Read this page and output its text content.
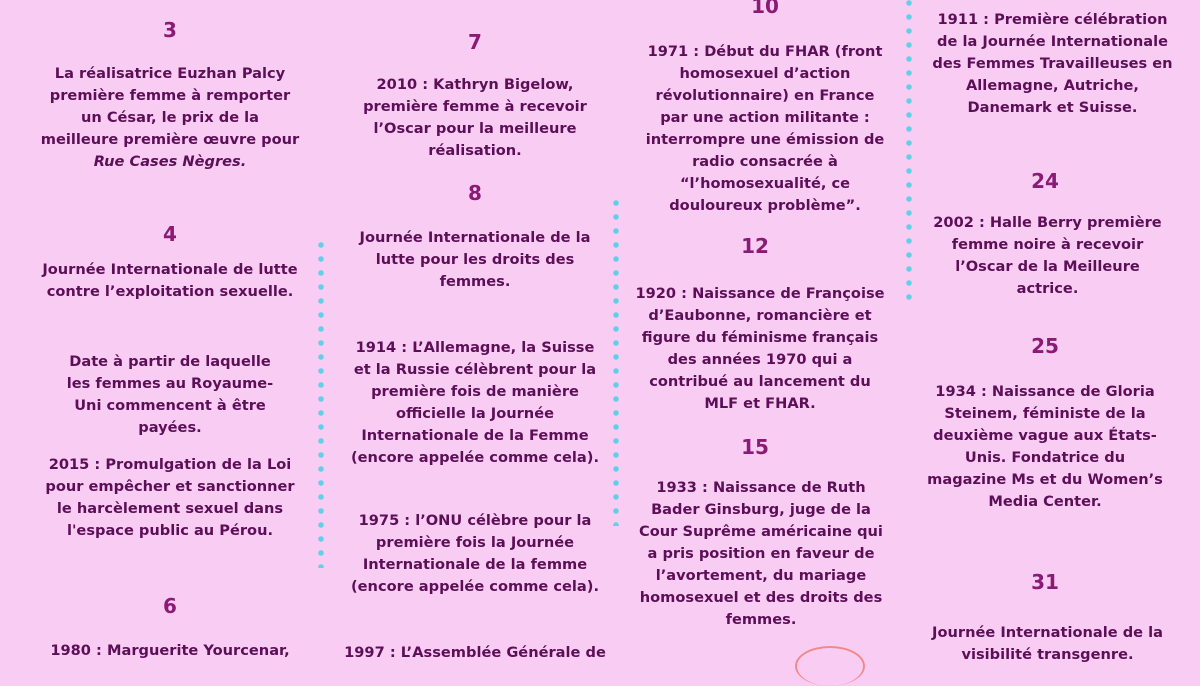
3

La réalisatrice Euzhan Palcy première femme à remporter un César, le prix de la meilleure première œuvre pour Rue Cases Nègres.

4

Journée Internationale de lutte contre l’exploitation sexuelle.

Date à partir de laquelle les femmes au Royaume-Uni commencent à être payées.

2015 : Promulgation de la Loi pour empêcher et sanctionner le harcèlement sexuel dans l'espace public au Pérou.

6

1980 : Marguerite Yourcenar,

7

2010 : Kathryn Bigelow, première femme à recevoir l’Oscar pour la meilleure réalisation.

8

Journée Internationale de la lutte pour les droits des femmes.

1914 : L’Allemagne, la Suisse et la Russie célèbrent pour la première fois de manière officielle la Journée Internationale de la Femme (encore appelée comme cela).

1975 : l’ONU célèbre pour la première fois la Journée Internationale de la femme (encore appelée comme cela).

1997 : L’Assemblée Générale de

10

1971 : Début du FHAR (front homosexuel d’action révolutionnaire) en France par une action militante : interrompre une émission de radio consacrée à “l’homosexualité, ce douloureux problème”.

12

1920 : Naissance de Françoise d’Eaubonne, romancière et figure du féminisme français des années 1970 qui a contribué au lancement du MLF et FHAR.

15

1933 : Naissance de Ruth Bader Ginsburg, juge de la Cour Suprême américaine qui a pris position en faveur de l’avortement, du mariage homosexuel et des droits des femmes.

1911 : Première célébration de la Journée Internationale des Femmes Travailleuses en Allemagne, Autriche, Danemark et Suisse.

24

2002 : Halle Berry première femme noire à recevoir l’Oscar de la Meilleure actrice.

25

1934 : Naissance de Gloria Steinem, féministe de la deuxième vague aux États-Unis. Fondatrice du magazine Ms et du Women’s Media Center.

31

Journée Internationale de la visibilité transgenre.
